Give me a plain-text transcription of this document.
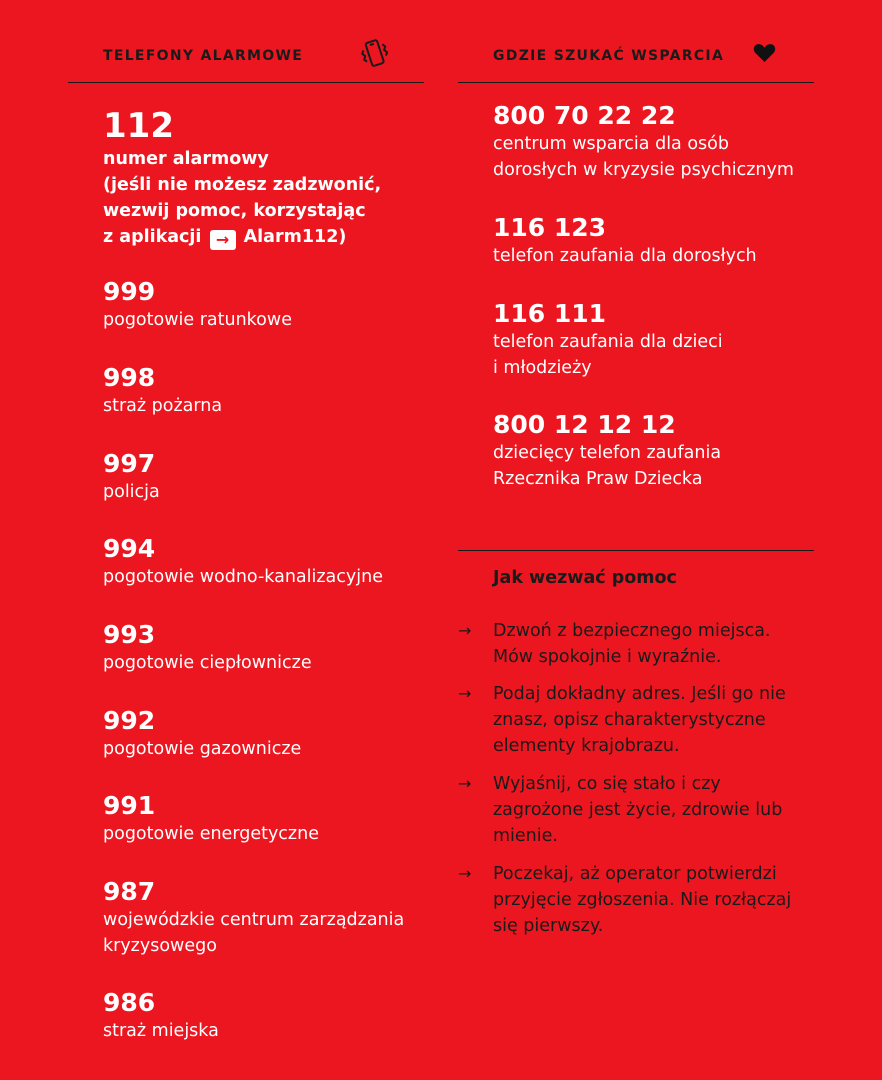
TELEFONY ALARMOWE	GDZIE SZUKAĆ WSPARCIA
112
numer alarmowy
(jeśli nie możesz zadzwonić,
wezwij pomoc, korzystając
z aplikacji → Alarm112)
999
pogotowie ratunkowe
998
straż pożarna
997
policja
994
pogotowie wodno-kanalizacyjne
993
pogotowie ciepłownicze
992
pogotowie gazownicze
991
pogotowie energetyczne
987
wojewódzkie centrum zarządzania
kryzysowego
986
straż miejska
800 70 22 22
centrum wsparcia dla osób
dorosłych w kryzysie psychicznym
116 123
telefon zaufania dla dorosłych
116 111
telefon zaufania dla dzieci
i młodzieży
800 12 12 12
dziecięcy telefon zaufania
Rzecznika Praw Dziecka
Jak wezwać pomoc
→ Dzwoń z bezpiecznego miejsca.
Mów spokojnie i wyraźnie.
→ Podaj dokładny adres. Jeśli go nie
znasz, opisz charakterystyczne
elementy krajobrazu.
→ Wyjaśnij, co się stało i czy
zagrożone jest życie, zdrowie lub
mienie.
→ Poczekaj, aż operator potwierdzi
przyjęcie zgłoszenia. Nie rozłączaj
się pierwszy.
